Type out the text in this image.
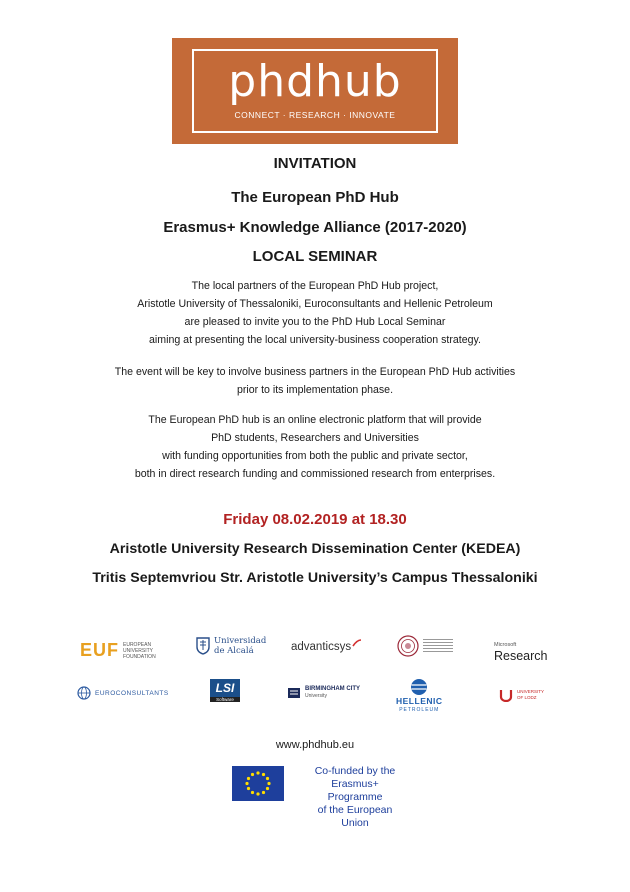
phdhub
CONNECT · RESEARCH · INNOVATE
INVITATION
The European PhD Hub
Erasmus+ Knowledge Alliance (2017-2020)
LOCAL SEMINAR
The local partners of the European PhD Hub project,
Aristotle University of Thessaloniki, Euroconsultants and Hellenic Petroleum
are pleased to invite you to the PhD Hub Local Seminar
aiming at presenting the local university-business cooperation strategy.
The event will be key to involve business partners in the European PhD Hub activities
prior to its implementation phase.
The European PhD hub is an online electronic platform that will provide
PhD students, Researchers and Universities
with funding opportunities from both the public and private sector,
both in direct research funding and commissioned research from enterprises.
Friday 08.02.2019 at 18.30
Aristotle University Research Dissemination Center (KEDEA)
Tritis Septemvriou Str. Aristotle University’s Campus Thessaloniki
EUF EUROPEAN UNIVERSITY FOUNDATION
Universidad
de Alcalá	advanticsys	Microsoft
Research
EUROCONSULTANTS	LSI
Software
BIRMINGHAM CITY
University	HELLENIC
PETROLEUM
UNIVERSITY
OF LODZ
www.phdhub.eu
Co-funded by the
Erasmus+ Programme
of the European Union
